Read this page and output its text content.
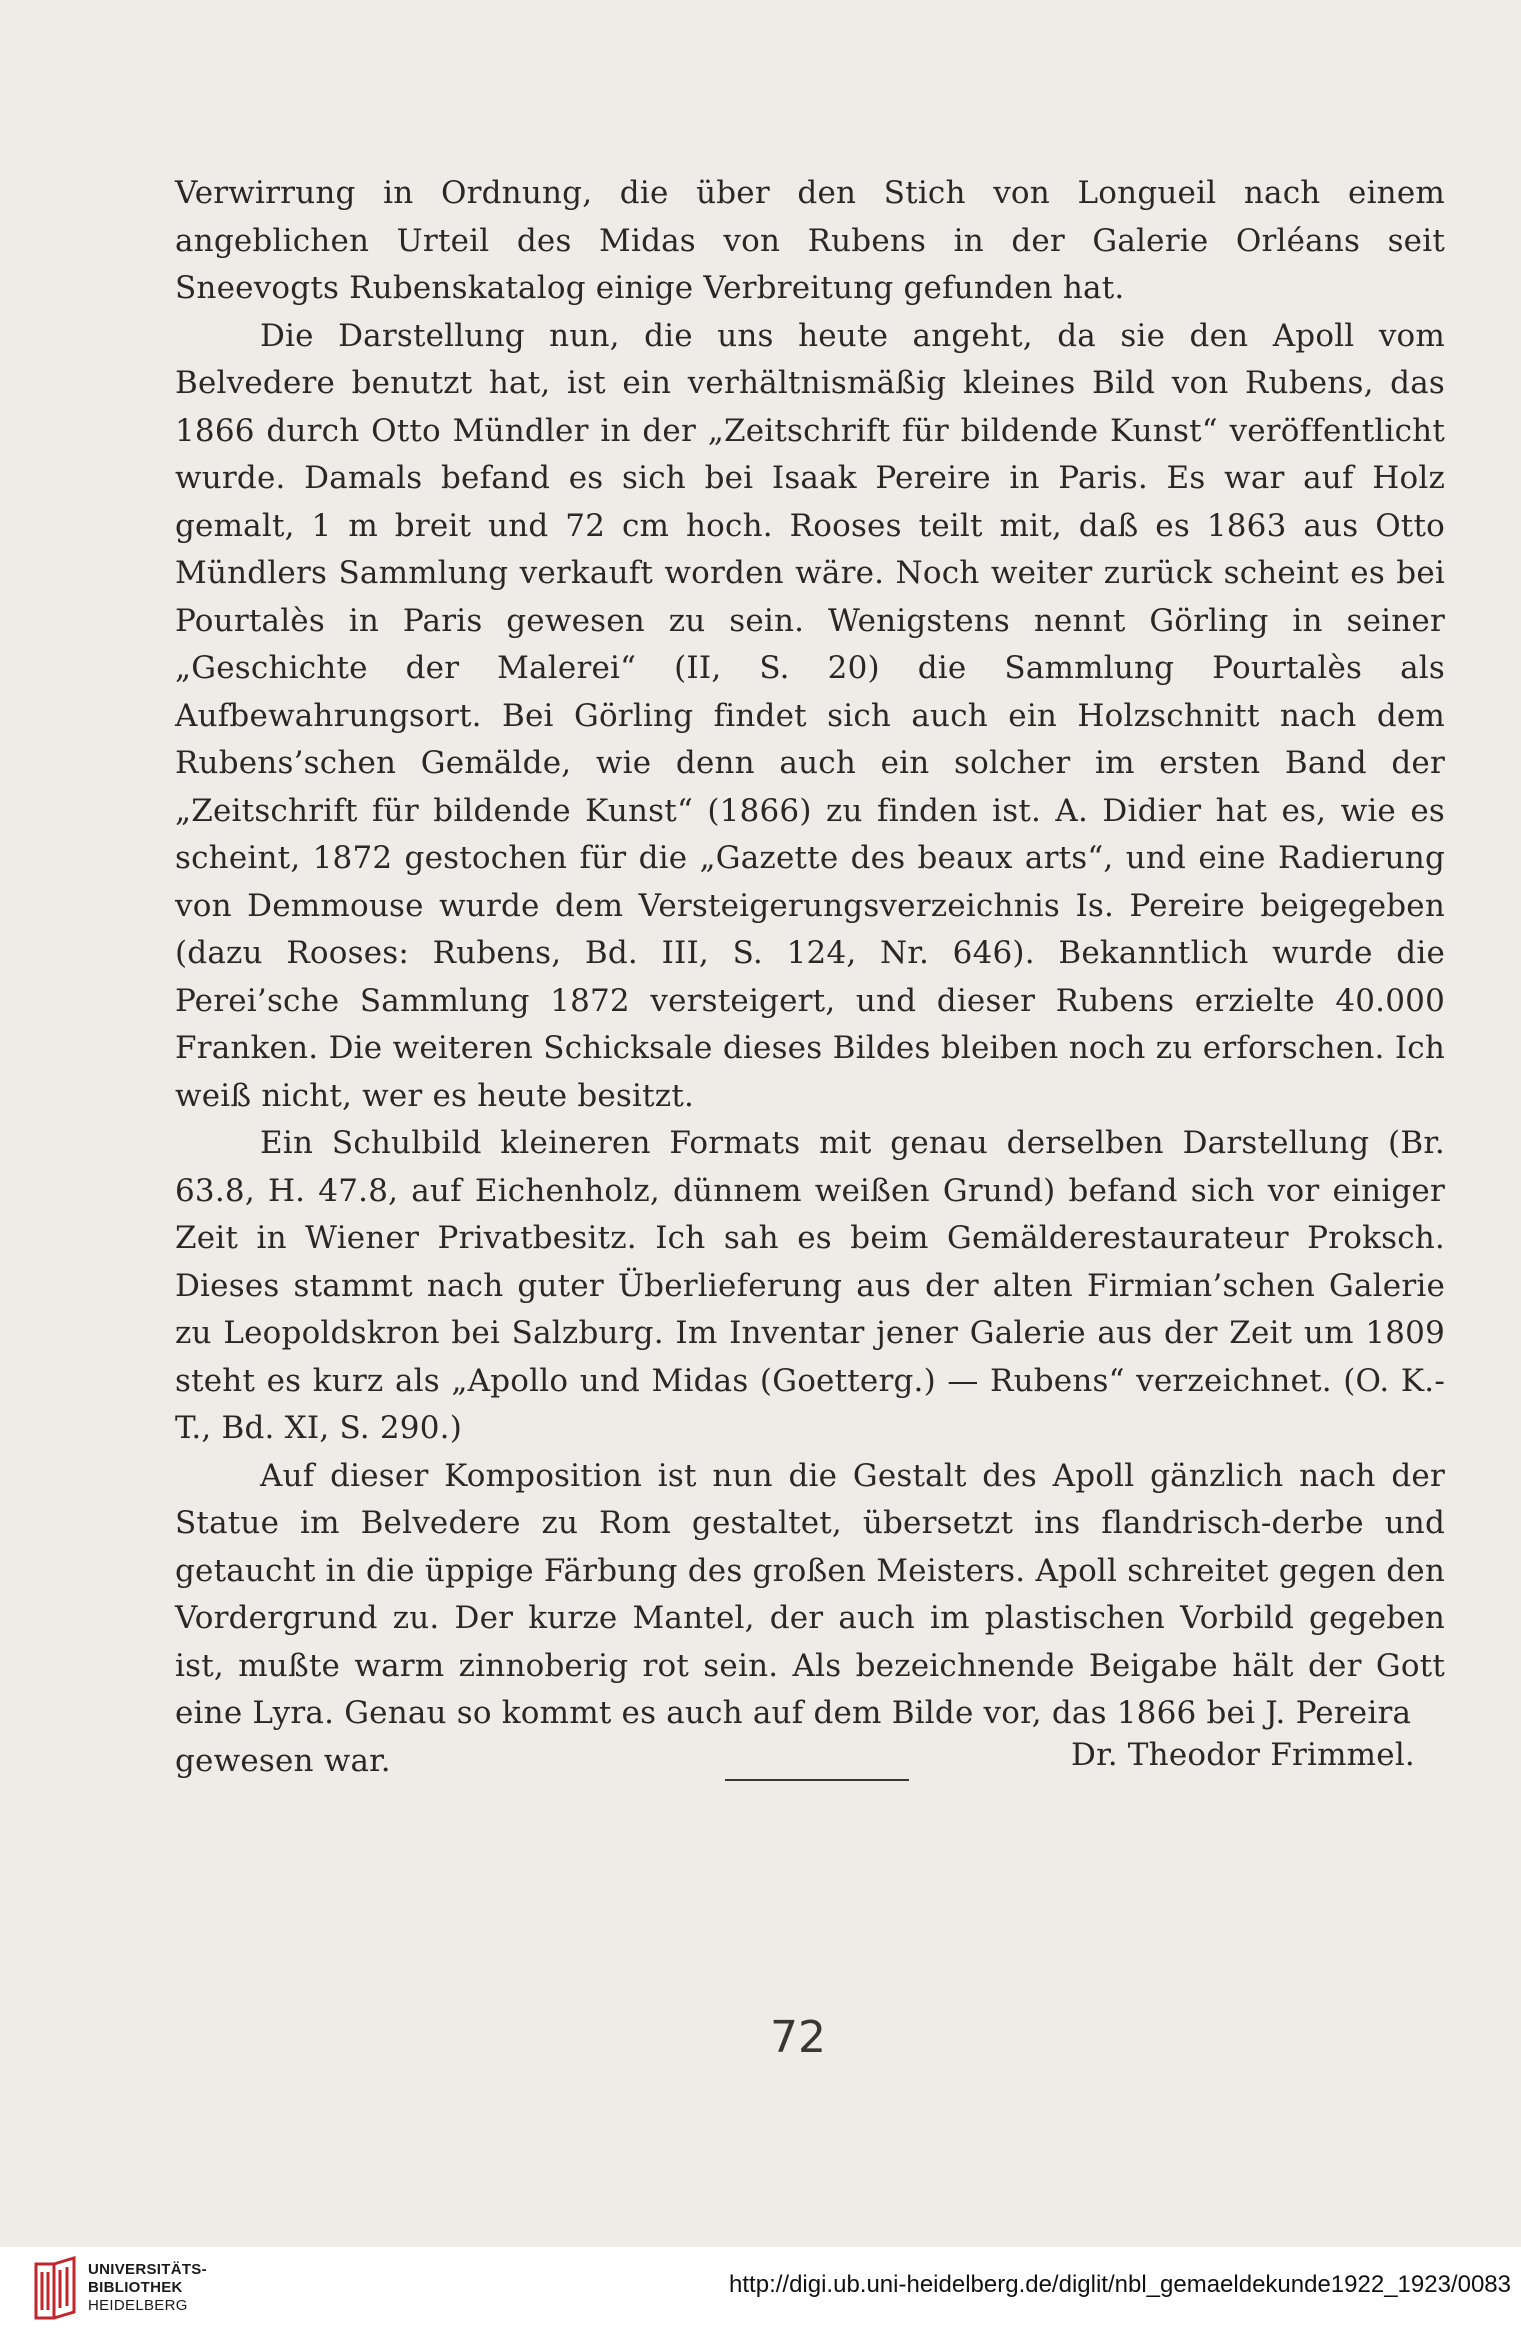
Verwirrung in Ordnung, die über den Stich von Longueil nach einem angeblichen Urteil des Midas von Rubens in der Galerie Orléans seit Sneevogts Rubenskatalog einige Verbreitung gefunden hat.

Die Darstellung nun, die uns heute angeht, da sie den Apoll vom Belvedere benutzt hat, ist ein verhältnismäßig kleines Bild von Rubens, das 1866 durch Otto Mündler in der „Zeitschrift für bildende Kunst“ veröffentlicht wurde. Damals befand es sich bei Isaak Pereire in Paris. Es war auf Holz gemalt, 1 m breit und 72 cm hoch. Rooses teilt mit, daß es 1863 aus Otto Mündlers Sammlung verkauft worden wäre. Noch weiter zurück scheint es bei Pourtalès in Paris gewesen zu sein. Wenigstens nennt Görling in seiner „Geschichte der Malerei“ (II, S. 20) die Sammlung Pourtalès als Aufbewahrungsort. Bei Görling findet sich auch ein Holzschnitt nach dem Rubens’schen Gemälde, wie denn auch ein solcher im ersten Band der „Zeitschrift für bildende Kunst“ (1866) zu finden ist. A. Didier hat es, wie es scheint, 1872 gestochen für die „Gazette des beaux arts“, und eine Radierung von Demmouse wurde dem Versteigerungsverzeichnis Is. Pereire beigegeben (dazu Rooses: Rubens, Bd. III, S. 124, Nr. 646). Bekanntlich wurde die Perei’sche Sammlung 1872 versteigert, und dieser Rubens erzielte 40.000 Franken. Die weiteren Schicksale dieses Bildes bleiben noch zu erforschen. Ich weiß nicht, wer es heute besitzt.

Ein Schulbild kleineren Formats mit genau derselben Darstellung (Br. 63.8, H. 47.8, auf Eichenholz, dünnem weißen Grund) befand sich vor einiger Zeit in Wiener Privatbesitz. Ich sah es beim Gemälderestaurateur Proksch. Dieses stammt nach guter Überlieferung aus der alten Firmian’schen Galerie zu Leopoldskron bei Salzburg. Im Inventar jener Galerie aus der Zeit um 1809 steht es kurz als „Apollo und Midas (Goetterg.) — Rubens“ verzeichnet. (O. K.-T., Bd. XI, S. 290.)

Auf dieser Komposition ist nun die Gestalt des Apoll gänzlich nach der Statue im Belvedere zu Rom gestaltet, übersetzt ins flandrisch-derbe und getaucht in die üppige Färbung des großen Meisters. Apoll schreitet gegen den Vordergrund zu. Der kurze Mantel, der auch im plastischen Vorbild gegeben ist, mußte warm zinnoberig rot sein. Als bezeichnende Beigabe hält der Gott eine Lyra. Genau so kommt es auch auf dem Bilde vor, das 1866 bei J. Pereira

gewesen war.	Dr. Theodor Frimmel.
72
UNIVERSITÄTS-
BIBLIOTHEK
HEIDELBERG
http://digi.ub.uni-heidelberg.de/diglit/nbl_gemaeldekunde1922_1923/0083
